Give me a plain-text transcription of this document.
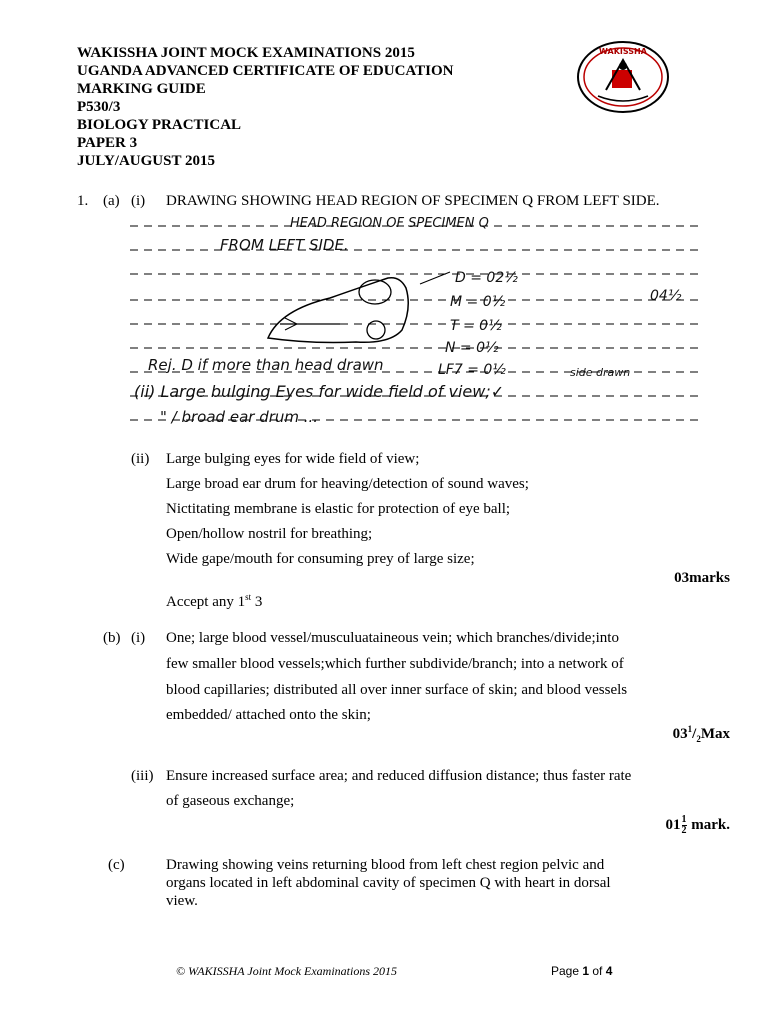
WAKISSHA JOINT MOCK EXAMINATIONS 2015
UGANDA ADVANCED CERTIFICATE OF EDUCATION
MARKING GUIDE
P530/3
BIOLOGY PRACTICAL
PAPER 3
JULY/AUGUST 2015
WAKISSHA
1. (a) (i) DRAWING SHOWING HEAD REGION OF SPECIMEN Q FROM LEFT SIDE.
HEAD REGION OF SPECIMEN Q
FROM LEFT SIDE.
D = 02½
M = 0½
T = 0½
N = 0½
LF7 = 0½
04½
Rej. D if more than head drawn	side drawn
(ii) Large bulging Eyes for wide field of view;✓
" / broad ear drum ...
(ii) Large bulging eyes for wide field of view;
Large broad ear drum for heaving/detection of sound waves;
Nictitating membrane is elastic for protection of eye ball;
Open/hollow nostril for breathing;
Wide gape/mouth for consuming prey of large size;
03marks
Accept any 1st 3
(b) (i) One; large blood vessel/musculuataineous vein; which branches/divide;into
few smaller blood vessels;which further subdivide/branch; into a network of
blood capillaries; distributed all over inner surface of skin; and blood vessels
embedded/ attached onto the skin;
$03^1/_2Max$
(iii) Ensure increased surface area; and reduced diffusion distance; thus faster rate
of gaseous exchange;
$01 \frac{1}{2}$ mark.
(c)	Drawing showing veins returning blood from left chest region pelvic and
organs located in left abdominal cavity of specimen Q with heart in dorsal
view.
© WAKISSHA Joint Mock Examinations 2015	Page 1 of 4
